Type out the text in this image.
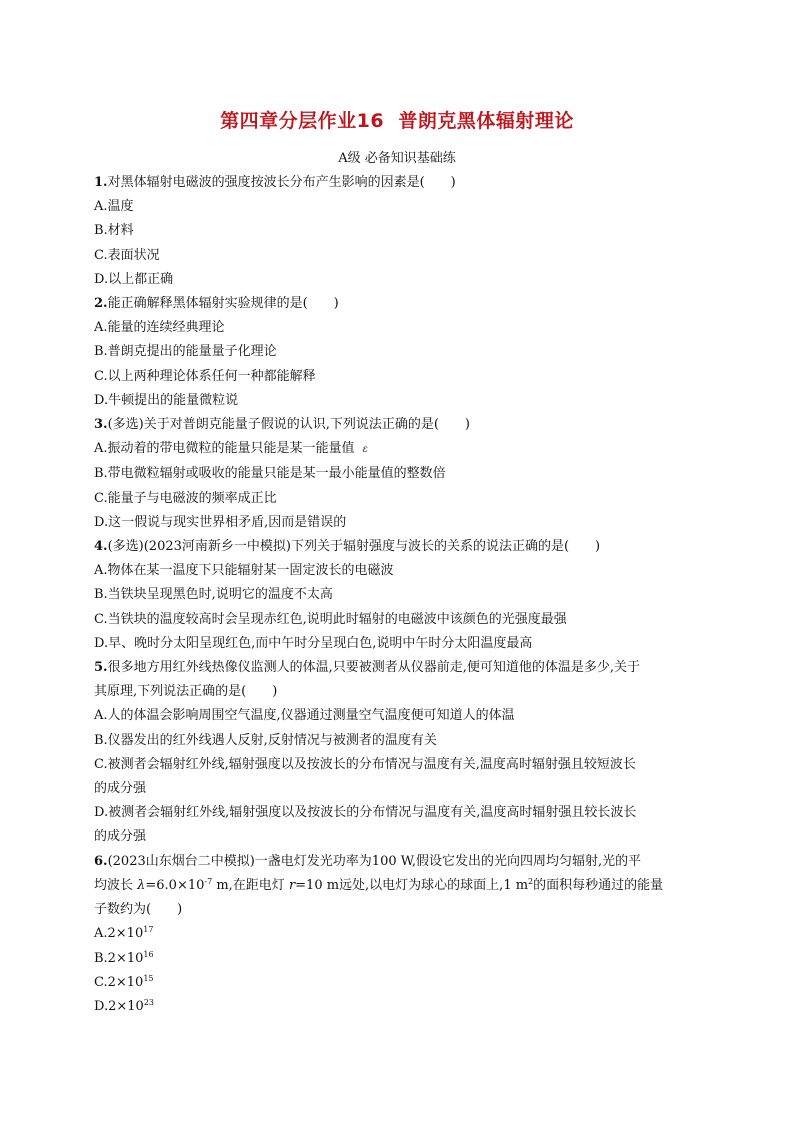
第四章分层作业16  普朗克黑体辐射理论
A级 必备知识基础练

1.对黑体辐射电磁波的强度按波长分布产生影响的因素是(　　)

A.温度

B.材料

C.表面状况

D.以上都正确

2.能正确解释黑体辐射实验规律的是(　　)

A.能量的连续经典理论

B.普朗克提出的能量量子化理论

C.以上两种理论体系任何一种都能解释

D.牛顿提出的能量微粒说

3.(多选)关于对普朗克能量子假说的认识,下列说法正确的是(　　)

A.振动着的带电微粒的能量只能是某一能量值 ε

B.带电微粒辐射或吸收的能量只能是某一最小能量值的整数倍

C.能量子与电磁波的频率成正比

D.这一假说与现实世界相矛盾,因而是错误的

4.(多选)(2023河南新乡一中模拟)下列关于辐射强度与波长的关系的说法正确的是(　　)

A.物体在某一温度下只能辐射某一固定波长的电磁波

B.当铁块呈现黑色时,说明它的温度不太高

C.当铁块的温度较高时会呈现赤红色,说明此时辐射的电磁波中该颜色的光强度最强

D.早、晚时分太阳呈现红色,而中午时分呈现白色,说明中午时分太阳温度最高

5.很多地方用红外线热像仪监测人的体温,只要被测者从仪器前走,便可知道他的体温是多少,关于

其原理,下列说法正确的是(　　)

A.人的体温会影响周围空气温度,仪器通过测量空气温度便可知道人的体温

B.仪器发出的红外线遇人反射,反射情况与被测者的温度有关

C.被测者会辐射红外线,辐射强度以及按波长的分布情况与温度有关,温度高时辐射强且较短波长

的成分强

D.被测者会辐射红外线,辐射强度以及按波长的分布情况与温度有关,温度高时辐射强且较长波长

的成分强

6.(2023山东烟台二中模拟)一盏电灯发光功率为100 W,假设它发出的光向四周均匀辐射,光的平

均波长 $\lambda=6.0\times 10^{-7}$ m,在距电灯 r=10 m远处,以电灯为球心的球面上,1 $m^2$的面积每秒通过的能量

子数约为(　　)

$A.2\times 10^{17}$

$B.2\times 10^{16}$

$C.2\times 10^{15}$

$D.2\times 10^{23}$
